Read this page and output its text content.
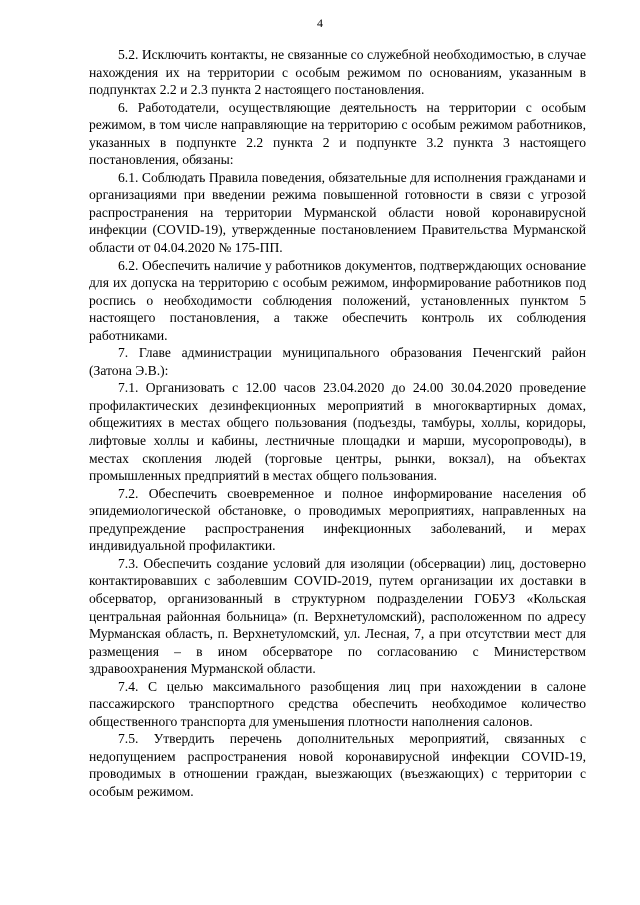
4

5.2. Исключить контакты, не связанные со служебной необходимостью, в случае нахождения их на территории с особым режимом по основаниям, указанным в подпунктах 2.2 и 2.3 пункта 2 настоящего постановления.

6. Работодатели, осуществляющие деятельность на территории с особым режимом, в том числе направляющие на территорию с особым режимом работников, указанных в подпункте 2.2 пункта 2 и подпункте 3.2 пункта 3 настоящего постановления, обязаны:

6.1. Соблюдать Правила поведения, обязательные для исполнения гражданами и организациями при введении режима повышенной готовности в связи с угрозой распространения на территории Мурманской области новой коронавирусной инфекции (COVID-19), утвержденные постановлением Правительства Мурманской области от 04.04.2020 № 175-ПП.

6.2. Обеспечить наличие у работников документов, подтверждающих основание для их допуска на территорию с особым режимом, информирование работников под роспись о необходимости соблюдения положений, установленных пунктом 5 настоящего постановления, а также обеспечить контроль их соблюдения работниками.

7. Главе администрации муниципального образования Печенгский район (Затона Э.В.):

7.1. Организовать с 12.00 часов 23.04.2020 до 24.00 30.04.2020 проведение профилактических дезинфекционных мероприятий в многоквартирных домах, общежитиях в местах общего пользования (подъезды, тамбуры, холлы, коридоры, лифтовые холлы и кабины, лестничные площадки и марши, мусоропроводы), в местах скопления людей (торговые центры, рынки, вокзал), на объектах промышленных предприятий в местах общего пользования.

7.2. Обеспечить своевременное и полное информирование населения об эпидемиологической обстановке, о проводимых мероприятиях, направленных на предупреждение распространения инфекционных заболеваний, и мерах индивидуальной профилактики.

7.3. Обеспечить создание условий для изоляции (обсервации) лиц, достоверно контактировавших с заболевшим COVID-2019, путем организации их доставки в обсерватор, организованный в структурном подразделении ГОБУЗ «Кольская центральная районная больница» (п. Верхнетуломский), расположенном по адресу Мурманская область, п. Верхнетуломский, ул. Лесная, 7, а при отсутствии мест для размещения – в ином обсерваторе по согласованию с Министерством здравоохранения Мурманской области.

7.4. С целью максимального разобщения лиц при нахождении в салоне пассажирского транспортного средства обеспечить необходимое количество общественного транспорта для уменьшения плотности наполнения салонов.

7.5. Утвердить перечень дополнительных мероприятий, связанных с недопущением распространения новой коронавирусной инфекции COVID-19, проводимых в отношении граждан, выезжающих (въезжающих) с территории с особым режимом.
